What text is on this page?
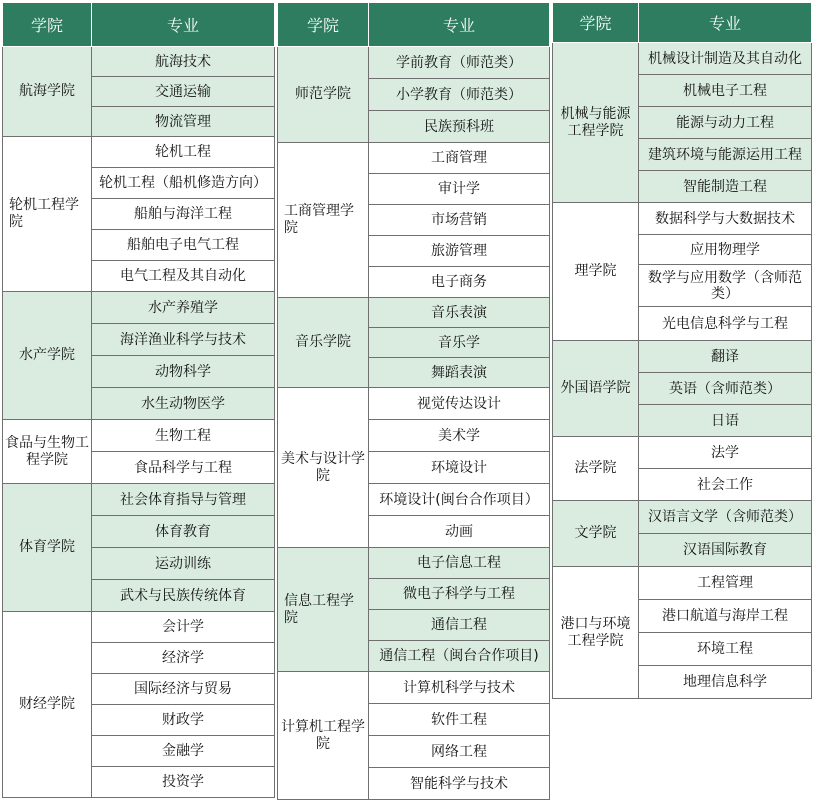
学院	专业
航海学院	航海技术
	交通运输
	物流管理
轮机工程学院	轮机工程
	轮机工程（船机修造方向）
	船舶与海洋工程
	船舶电子电气工程
	电气工程及其自动化
水产学院	水产养殖学
	海洋渔业科学与技术
	动物科学
	水生动物医学
食品与生物工程学院	生物工程
	食品科学与工程
体育学院	社会体育指导与管理
	体育教育
	运动训练
	武术与民族传统体育
财经学院	会计学
	经济学
	国际经济与贸易
	财政学
	金融学
	投资学
学院	专业
师范学院	学前教育（师范类）
	小学教育（师范类）
	民族预科班
工商管理学院	工商管理
	审计学
	市场营销
	旅游管理
	电子商务
音乐学院	音乐表演
	音乐学
	舞蹈表演
美术与设计学院	视觉传达设计
	美术学
	环境设计
	环境设计(闽台合作项目）
	动画
信息工程学院	电子信息工程
	微电子科学与工程
	通信工程
	通信工程（闽台合作项目)
计算机工程学院	计算机科学与技术
	软件工程
	网络工程
	智能科学与技术
学院	专业
机械与能源工程学院	机械设计制造及其自动化
	机械电子工程
	能源与动力工程
	建筑环境与能源运用工程
	智能制造工程
理学院	数据科学与大数据技术
	应用物理学
	数学与应用数学（含师范类）
	光电信息科学与工程
外国语学院	翻译
	英语（含师范类）
	日语
法学院	法学
	社会工作
文学院	汉语言文学（含师范类）
	汉语国际教育
港口与环境工程学院	工程管理
	港口航道与海岸工程
	环境工程
	地理信息科学
